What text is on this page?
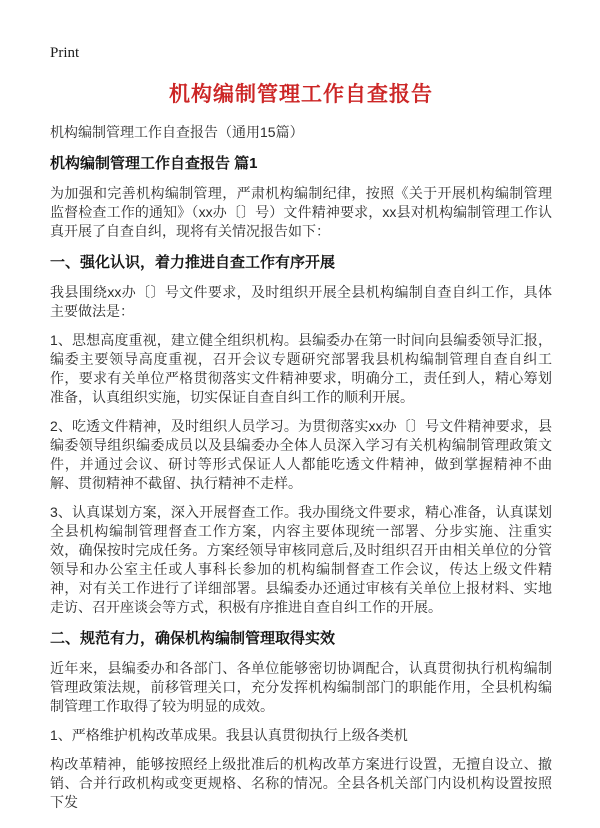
Print
机构编制管理工作自查报告
机构编制管理工作自查报告（通用15篇）
机构编制管理工作自查报告 篇1

为加强和完善机构编制管理，严肃机构编制纪律，按照《关于开展机构编制管理监督检查工作的通知》（xx办〔〕号）文件精神要求，xx县对机构编制管理工作认真开展了自查自纠，现将有关情况报告如下：

一、强化认识，着力推进自查工作有序开展

我县围绕xx办〔〕号文件要求，及时组织开展全县机构编制自查自纠工作，具体主要做法是：

1、思想高度重视，建立健全组织机构。县编委办在第一时间向县编委领导汇报，编委主要领导高度重视，召开会议专题研究部署我县机构编制管理自查自纠工作，要求有关单位严格贯彻落实文件精神要求，明确分工，责任到人，精心筹划准备，认真组织实施，切实保证自查自纠工作的顺利开展。

2、吃透文件精神，及时组织人员学习。为贯彻落实xx办〔〕号文件精神要求，县编委领导组织编委成员以及县编委办全体人员深入学习有关机构编制管理政策文件，并通过会议、研讨等形式保证人人都能吃透文件精神，做到掌握精神不曲解、贯彻精神不截留、执行精神不走样。

3、认真谋划方案，深入开展督查工作。我办围绕文件要求，精心准备，认真谋划全县机构编制管理督查工作方案，内容主要体现统一部署、分步实施、注重实效，确保按时完成任务。方案经领导审核同意后,及时组织召开由相关单位的分管领导和办公室主任或人事科长参加的机构编制督查工作会议，传达上级文件精神，对有关工作进行了详细部署。县编委办还通过审核有关单位上报材料、实地走访、召开座谈会等方式，积极有序推进自查自纠工作的开展。

二、规范有力，确保机构编制管理取得实效

近年来，县编委办和各部门、各单位能够密切协调配合，认真贯彻执行机构编制管理政策法规，前移管理关口，充分发挥机构编制部门的职能作用，全县机构编制管理工作取得了较为明显的成效。

1、严格维护机构改革成果。我县认真贯彻执行上级各类机

构改革精神，能够按照经上级批准后的机构改革方案进行设置，无擅自设立、撤销、合并行政机构或变更规格、名称的情况。全县各机关部门内设机构设置按照下发
